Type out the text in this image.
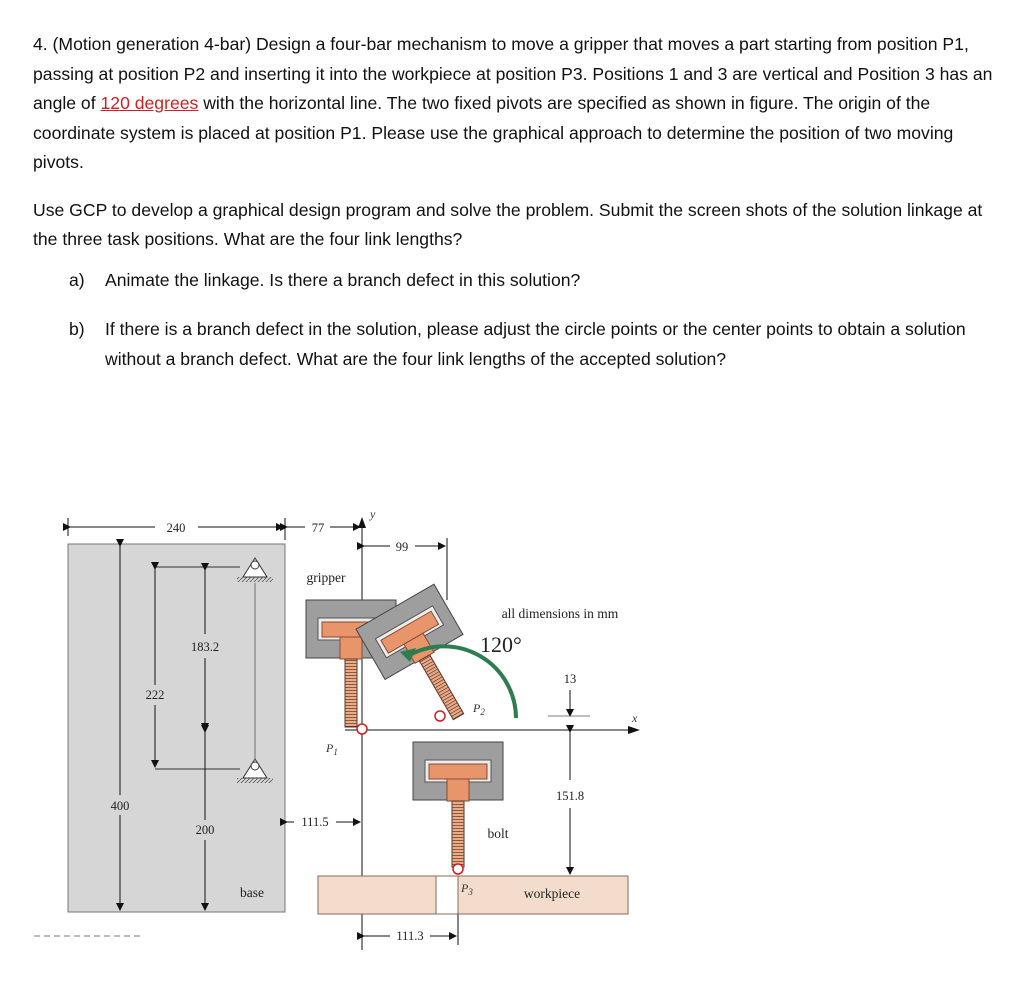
4. (Motion generation 4-bar) Design a four-bar mechanism to move a gripper that moves a part starting from position P1, passing at position P2 and inserting it into the workpiece at position P3. Positions 1 and 3 are vertical and Position 3 has an angle of 120 degrees with the horizontal line. The two fixed pivots are specified as shown in figure. The origin of the coordinate system is placed at position P1. Please use the graphical approach to determine the position of two moving pivots.

Use GCP to develop a graphical design program and solve the problem. Submit the screen shots of the solution linkage at the three task positions. What are the four link lengths?

a)	Animate the linkage. Is there a branch defect in this solution?
b)	If there is a branch defect in the solution, please adjust the circle points or the center points to obtain a solution without a branch defect. What are the four link lengths of the accepted solution?
y
x
240	77
99
183.2
222
400
200
111.5
111.3
13
151.8
workpiece
base
120°
gripper
all dimensions in mm
bolt
$P_1$
$P_2$
$P_3$
